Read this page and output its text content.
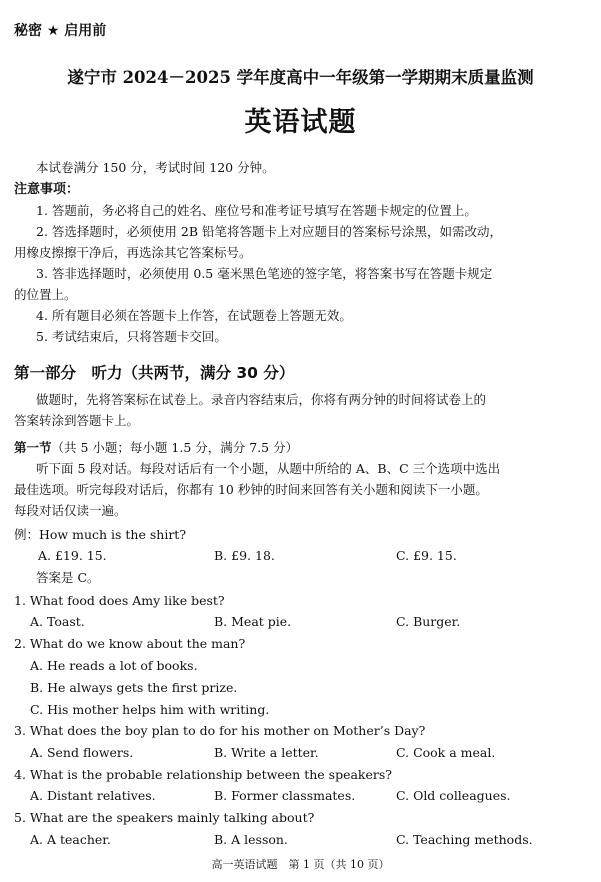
秘密 ★ 启用前
遂宁市 2024－2025 学年度高中一年级第一学期期末质量监测
英语试题
本试卷满分 150 分，考试时间 120 分钟。
注意事项：
1. 答题前，务必将自己的姓名、座位号和准考证号填写在答题卡规定的位置上。
2. 答选择题时，必须使用 2B 铅笔将答题卡上对应题目的答案标号涂黑，如需改动，
用橡皮擦擦干净后，再选涂其它答案标号。
3. 答非选择题时，必须使用 0.5 毫米黑色笔迹的签字笔，将答案书写在答题卡规定
的位置上。
4. 所有题目必须在答题卡上作答，在试题卷上答题无效。
5. 考试结束后，只将答题卡交回。
第一部分　听力（共两节，满分 30 分）
做题时，先将答案标在试卷上。录音内容结束后，你将有两分钟的时间将试卷上的
答案转涂到答题卡上。
第一节（共 5 小题；每小题 1.5 分，满分 7.5 分）
听下面 5 段对话。每段对话后有一个小题，从题中所给的 A、B、C 三个选项中选出
最佳选项。听完每段对话后，你都有 10 秒钟的时间来回答有关小题和阅读下一小题。
每段对话仅读一遍。
例：How much is the shirt?
A. £19. 15.	B. £9. 18.	C. £9. 15.
答案是 C。
1. What food does Amy like best?
A. Toast.	B. Meat pie.	C. Burger.
2. What do we know about the man?
A. He reads a lot of books.
B. He always gets the first prize.
C. His mother helps him with writing.
3. What does the boy plan to do for his mother on Mother’s Day?
A. Send flowers.	B. Write a letter.	C. Cook a meal.
4. What is the probable relationship between the speakers?
A. Distant relatives.	B. Former classmates.	C. Old colleagues.
5. What are the speakers mainly talking about?
A. A teacher.	B. A lesson.	C. Teaching methods.
高一英语试题　第 1 页（共 10 页）
